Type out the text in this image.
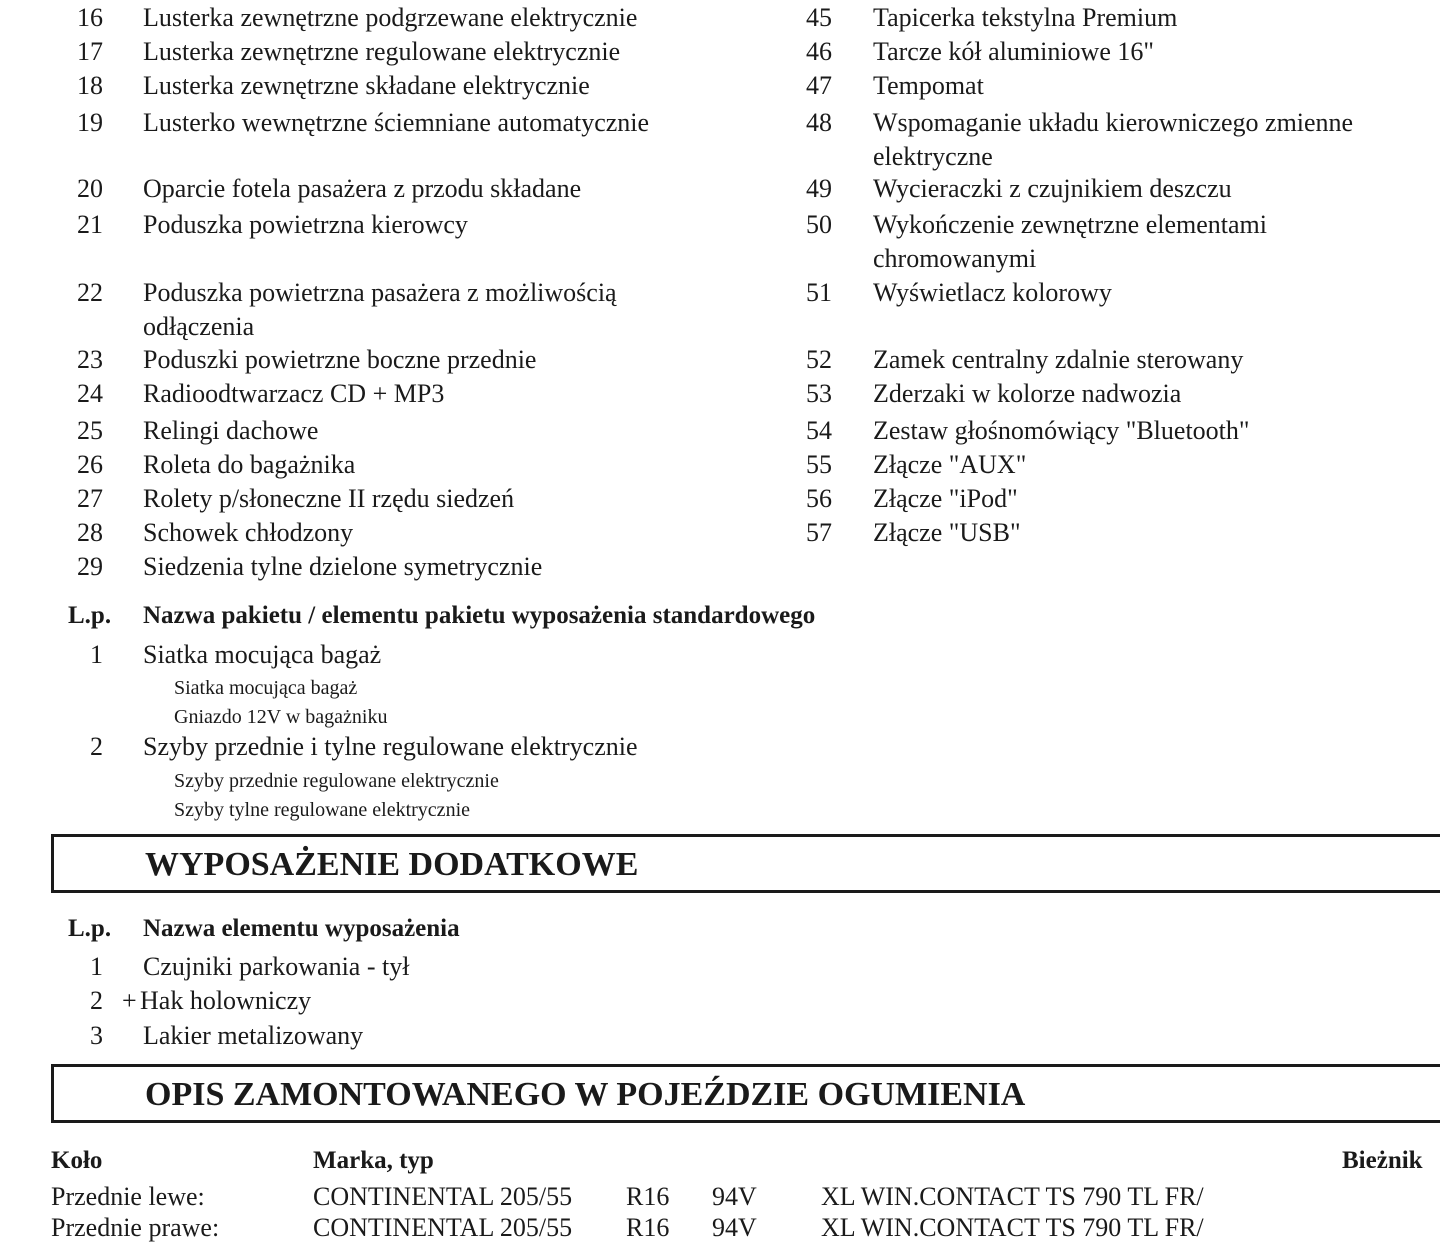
16 Lusterka zewnętrzne podgrzewane elektrycznie
17 Lusterka zewnętrzne regulowane elektrycznie
18 Lusterka zewnętrzne składane elektrycznie
19 Lusterko wewnętrzne ściemniane automatycznie
20 Oparcie fotela pasażera z przodu składane
21 Poduszka powietrzna kierowcy
22 Poduszka powietrzna pasażera z możliwością
odłączenia
23 Poduszki powietrzne boczne przednie
24 Radioodtwarzacz CD + MP3
25 Relingi dachowe
26 Roleta do bagażnika
27 Rolety p/słoneczne II rzędu siedzeń
28 Schowek chłodzony
29 Siedzenia tylne dzielone symetrycznie
45 Tapicerka tekstylna Premium
46 Tarcze kół aluminiowe 16"
47 Tempomat
48 Wspomaganie układu kierowniczego zmienne
elektryczne
49 Wycieraczki z czujnikiem deszczu
50 Wykończenie zewnętrzne elementami
chromowanymi
51 Wyświetlacz kolorowy
52 Zamek centralny zdalnie sterowany
53 Zderzaki w kolorze nadwozia
54 Zestaw głośnomówiący "Bluetooth"
55 Złącze "AUX"
56 Złącze "iPod"
57 Złącze "USB"
L.p. Nazwa pakietu / elementu pakietu wyposażenia standardowego
1 Siatka mocująca bagaż
Siatka mocująca bagaż
Gniazdo 12V w bagażniku
2 Szyby przednie i tylne regulowane elektrycznie
Szyby przednie regulowane elektrycznie
Szyby tylne regulowane elektrycznie
WYPOSAŻENIE DODATKOWE
L.p. Nazwa elementu wyposażenia
1 Czujniki parkowania - tył
2 + Hak holowniczy
3 Lakier metalizowany
OPIS ZAMONTOWANEGO W POJEŹDZIE OGUMIENIA
Koło	Marka, typ	Bieżnik
Przednie lewe:	CONTINENTAL 205/55 R16 94V XL WIN.CONTACT TS 790 TL FR/
Przednie prawe:	CONTINENTAL 205/55 R16 94V XL WIN.CONTACT TS 790 TL FR/
